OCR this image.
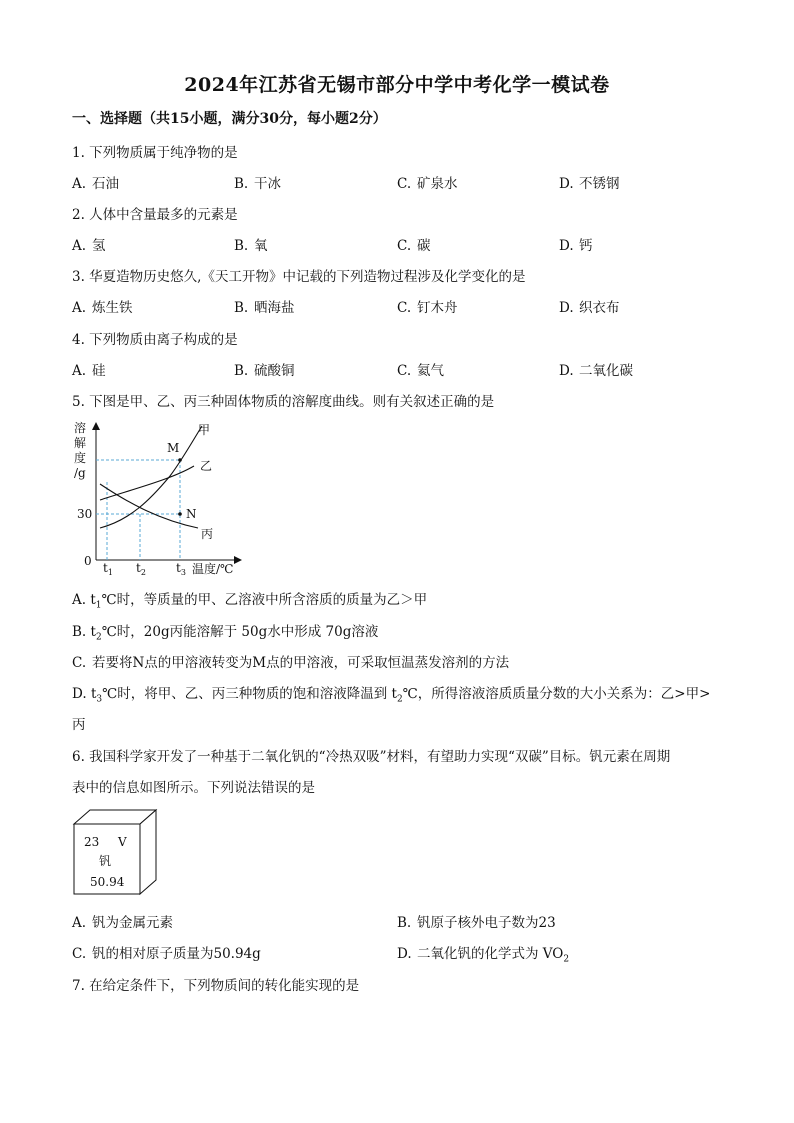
2024年江苏省无锡市部分中学中考化学一模试卷
一、选择题（共15小题，满分30分，每小题2分）
1. 下列物质属于纯净物的是
A. 石油	B. 干冰	C. 矿泉水	D. 不锈钢
2. 人体中含量最多的元素是
A. 氢	B. 氧	C. 碳	D. 钙
3. 华夏造物历史悠久,《天工开物》中记载的下列造物过程涉及化学变化的是
A. 炼生铁	B. 晒海盐	C. 钉木舟	D. 织衣布
4. 下列物质由离子构成的是
A. 硅	B. 硫酸铜	C. 氦气	D. 二氧化碳
5. 下图是甲、乙、丙三种固体物质的溶解度曲线。则有关叙述正确的是
溶
解
度
/g
30
0
M
N
甲
乙
丙
$t_1$ $t_2$	$t_3$ 温度/℃
A. $t_1℃$时，等质量的甲、乙溶液中所含溶质的质量为乙＞甲
B. $t_2℃$时，20g丙能溶解于 50g水中形成 70g溶液
C. 若要将N点的甲溶液转变为M点的甲溶液，可采取恒温蒸发溶剂的方法
D. $t_3℃$时，将甲、乙、丙三种物质的饱和溶液降温到 $t_2℃$，所得溶液溶质质量分数的大小关系为：乙>甲>
丙
6. 我国科学家开发了一种基于二氧化钒的“冷热双吸”材料，有望助力实现“双碳”目标。钒元素在周期
表中的信息如图所示。下列说法错误的是
23 V
钒
50.94
A. 钒为金属元素	B. 钒原子核外电子数为23
C. 钒的相对原子质量为50.94g	D. 二氧化钒的化学式为 $VO_2$
7. 在给定条件下，下列物质间的转化能实现的是
